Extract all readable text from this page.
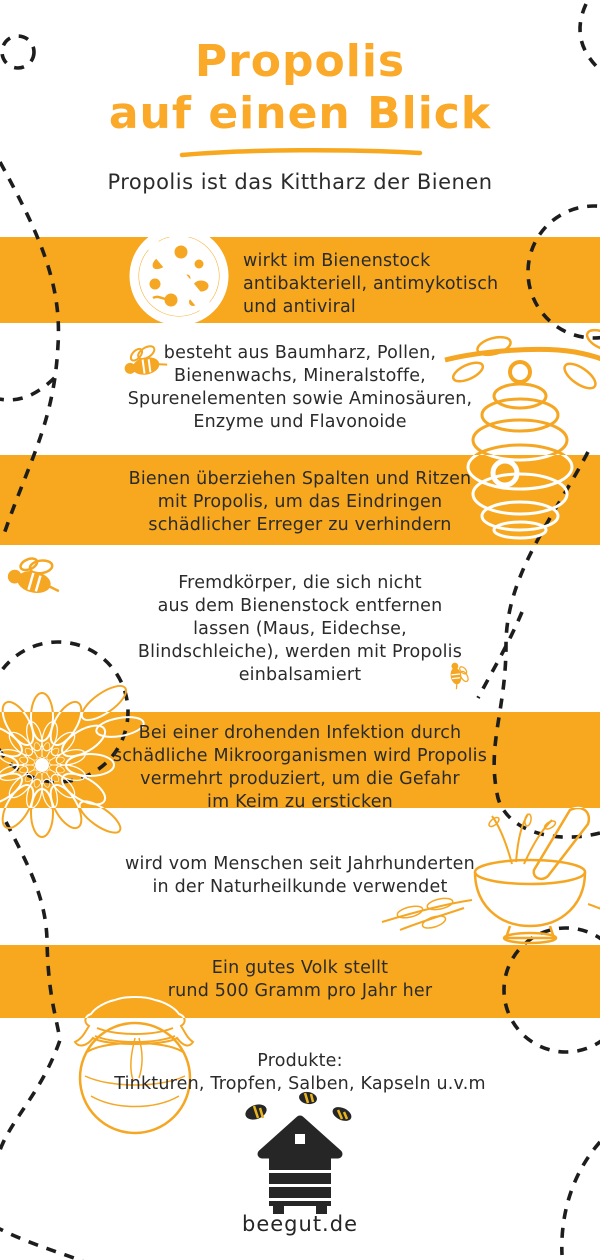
Propolis
auf einen Blick
Propolis ist das Kittharz der Bienen
wirkt im Bienenstock
antibakteriell, antimykotisch
und antiviral
besteht aus Baumharz, Pollen,
Bienenwachs, Mineralstoffe,
Spurenelementen sowie Aminosäuren,
Enzyme und Flavonoide
Bienen überziehen Spalten und Ritzen
mit Propolis, um das Eindringen
schädlicher Erreger zu verhindern
Fremdkörper, die sich nicht
aus dem Bienenstock entfernen
lassen (Maus, Eidechse,
Blindschleiche), werden mit Propolis
einbalsamiert
Bei einer drohenden Infektion durch
schädliche Mikroorganismen wird Propolis
vermehrt produziert, um die Gefahr
im Keim zu ersticken
wird vom Menschen seit Jahrhunderten
in der Naturheilkunde verwendet
Ein gutes Volk stellt
rund 500 Gramm pro Jahr her
Produkte:
Tinkturen, Tropfen, Salben, Kapseln u.v.m
beegut.de
